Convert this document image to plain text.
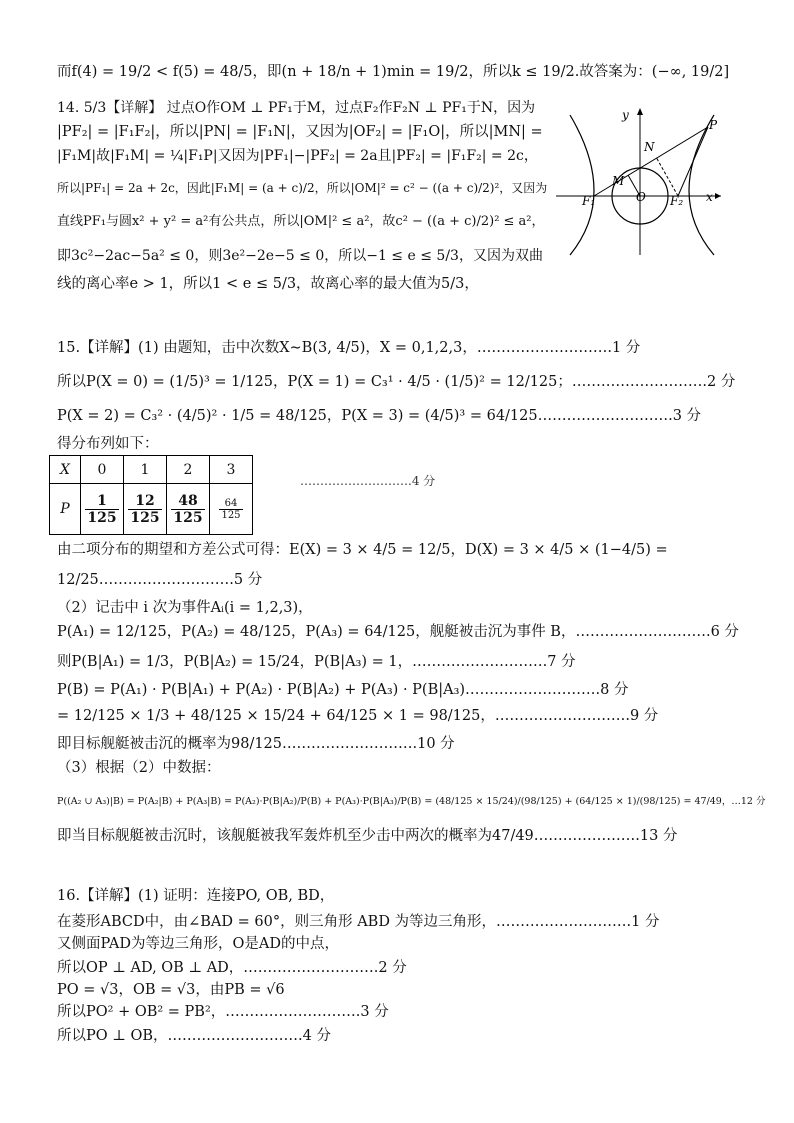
而f(4) = 19/2 < f(5) = 48/5，即(n + 18/n + 1)min = 19/2，所以k ≤ 19/2.故答案为：(−∞, 19/2]
14. 5/3【详解】 过点O作OM ⊥ PF₁于M，过点F₂作F₂N ⊥ PF₁于N，因为
|PF₂| = |F₁F₂|，所以|PN| = |F₁N|，又因为|OF₂| = |F₁O|，所以|MN| =
|F₁M|故|F₁M| = ¼|F₁P|又因为|PF₁|−|PF₂| = 2a且|PF₂| = |F₁F₂| = 2c，
所以|PF₁| = 2a + 2c，因此|F₁M| = (a + c)/2，所以|OM|² = c² − ((a + c)/2)²，又因为
直线PF₁与圆x² + y² = a²有公共点，所以|OM|² ≤ a²，故c² − ((a + c)/2)² ≤ a²，
即3c²−2ac−5a² ≤ 0，则3e²−2e−5 ≤ 0，所以−1 ≤ e ≤ 5/3，又因为双曲
线的离心率e > 1，所以1 < e ≤ 5/3，故离心率的最大值为5/3，
15.【详解】(1) 由题知，击中次数X∼B(3, 4/5)，X = 0,1,2,3，……………………….1 分
所以P(X = 0) = (1/5)³ = 1/125，P(X = 1) = C₃¹ · 4/5 · (1/5)² = 12/125；……………………….2 分
P(X = 2) = C₃² · (4/5)² · 1/5 = 48/125，P(X = 3) = (4/5)³ = 64/125……………………….3 分
得分布列如下：
由二项分布的期望和方差公式可得：E(X) = 3 × 4/5 = 12/5，D(X) = 3 × 4/5 × (1−4/5) =
12/25……………………….5 分
（2）记击中 i 次为事件Aᵢ(i = 1,2,3)，
P(A₁) = 12/125，P(A₂) = 48/125，P(A₃) = 64/125，舰艇被击沉为事件 B，……………………….6 分
则P(B|A₁) = 1/3，P(B|A₂) = 15/24，P(B|A₃) = 1，……………………….7 分
P(B) = P(A₁) · P(B|A₁) + P(A₂) · P(B|A₂) + P(A₃) · P(B|A₃)……………………….8 分
= 12/125 × 1/3 + 48/125 × 15/24 + 64/125 × 1 = 98/125，……………………….9 分
即目标舰艇被击沉的概率为98/125……………………….10 分
（3）根据（2）中数据：
P((A₂ ∪ A₃)|B) = P(A₂|B) + P(A₃|B) = P(A₂)·P(B|A₂)/P(B) + P(A₃)·P(B|A₃)/P(B) = (48/125 × 15/24)/(98/125) + (64/125 × 1)/(98/125) = 47/49，…12 分
即当目标舰艇被击沉时，该舰艇被我军轰炸机至少击中两次的概率为47/49………………….13 分
16.【详解】(1) 证明：连接PO, OB, BD，
在菱形ABCD中，由∠BAD = 60°，则三角形 ABD 为等边三角形，……………………….1 分
又侧面PAD为等边三角形，O是AD的中点，
所以OP ⊥ AD, OB ⊥ AD，……………………….2 分
PO = √3，OB = √3，由PB = √6
所以PO² + OB² = PB²，……………………….3 分
所以PO ⊥ OB，……………………….4 分
X	0	1	2	3
P	$\frac{1}{125}$	$\frac{12}{125}$	$\frac{48}{125}$	$\frac{64}{125}$
……………………….4 分
y
P
N
M
O
F₁	F₂ x
